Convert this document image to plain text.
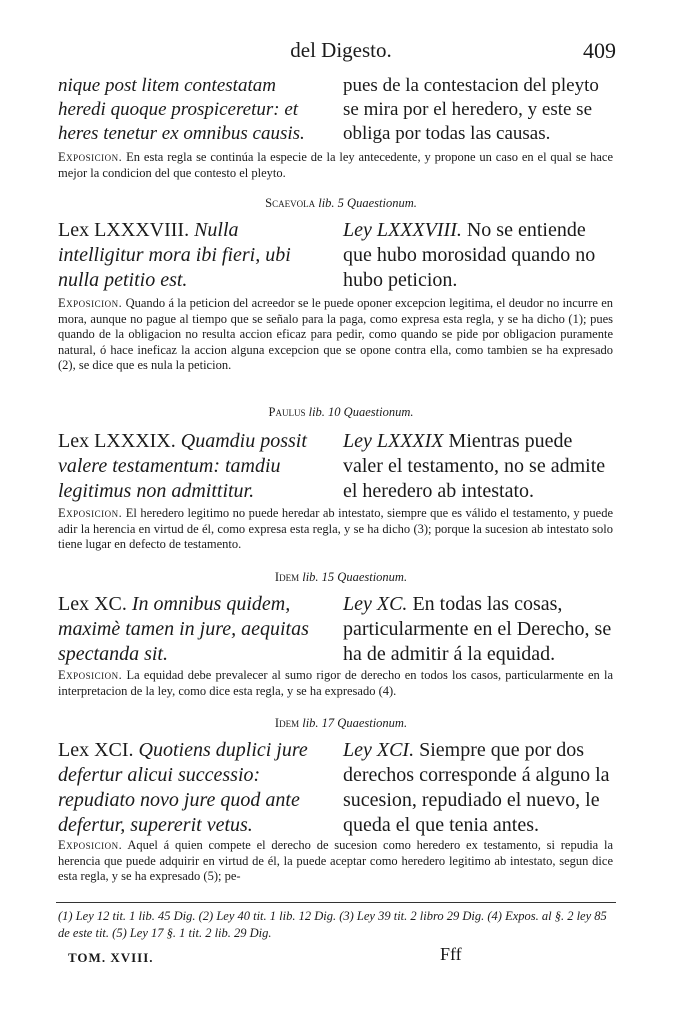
del Digesto.	409
nique post litem contestatam heredi quoque prospiceretur: et heres tenetur ex omnibus causis.
pues de la contestacion del pleyto se mira por el heredero, y este se obliga por todas las causas.
Exposicion. En esta regla se continúa la especie de la ley antecedente, y propone un caso en el qual se hace mejor la condicion del que contesto el pleyto.
Scaevola lib. 5 Quaestionum.
Lex LXXXVIII. Nulla intelligitur mora ibi fieri, ubi nulla petitio est.
Ley LXXXVIII. No se entiende que hubo morosidad quando no hubo peticion.
Exposicion. Quando á la peticion del acreedor se le puede oponer excepcion legitima, el deudor no incurre en mora, aunque no pague al tiempo que se señalo para la paga, como expresa esta regla, y se ha dicho (1); pues quando de la obligacion no resulta accion eficaz para pedir, como quando se pide por obligacion puramente natural, ó hace ineficaz la accion alguna excepcion que se opone contra ella, como tambien se ha expresado (2), se dice que es nula la peticion.
Paulus lib. 10 Quaestionum.
Lex LXXXIX. Quamdiu possit valere testamentum: tamdiu legitimus non admittitur.
Ley LXXXIX Mientras puede valer el testamento, no se admite el heredero ab intestato.
Exposicion. El heredero legitimo no puede heredar ab intestato, siempre que es válido el testamento, y puede adir la herencia en virtud de él, como expresa esta regla, y se ha dicho (3); porque la sucesion ab intestato solo tiene lugar en defecto de testamento.
Idem lib. 15 Quaestionum.
Lex XC. In omnibus quidem, maximè tamen in jure, aequitas spectanda sit.
Ley XC. En todas las cosas, particularmente en el Derecho, se ha de admitir á la equidad.
Exposicion. La equidad debe prevalecer al sumo rigor de derecho en todos los casos, particularmente en la interpretacion de la ley, como dice esta regla, y se ha expresado (4).
Idem lib. 17 Quaestionum.
Lex XCI. Quotiens duplici jure defertur alicui successio: repudiato novo jure quod ante defertur, supererit vetus.
Ley XCI. Siempre que por dos derechos corresponde á alguno la sucesion, repudiado el nuevo, le queda el que tenia antes.
Exposicion. Aquel á quien compete el derecho de sucesion como heredero ex testamento, si repudia la herencia que puede adquirir en virtud de él, la puede aceptar como heredero legitimo ab intestato, segun dice esta regla, y se ha expresado (5); pe-
(1) Ley 12 tit. 1 lib. 45 Dig. (2) Ley 40 tit. 1 lib. 12 Dig. (3) Ley 39 tit. 2 libro 29 Dig. (4) Expos. al §. 2 ley 85 de este tit. (5) Ley 17 §. 1 tit. 2 lib. 29 Dig.
TOM. XVIII.	Fff
